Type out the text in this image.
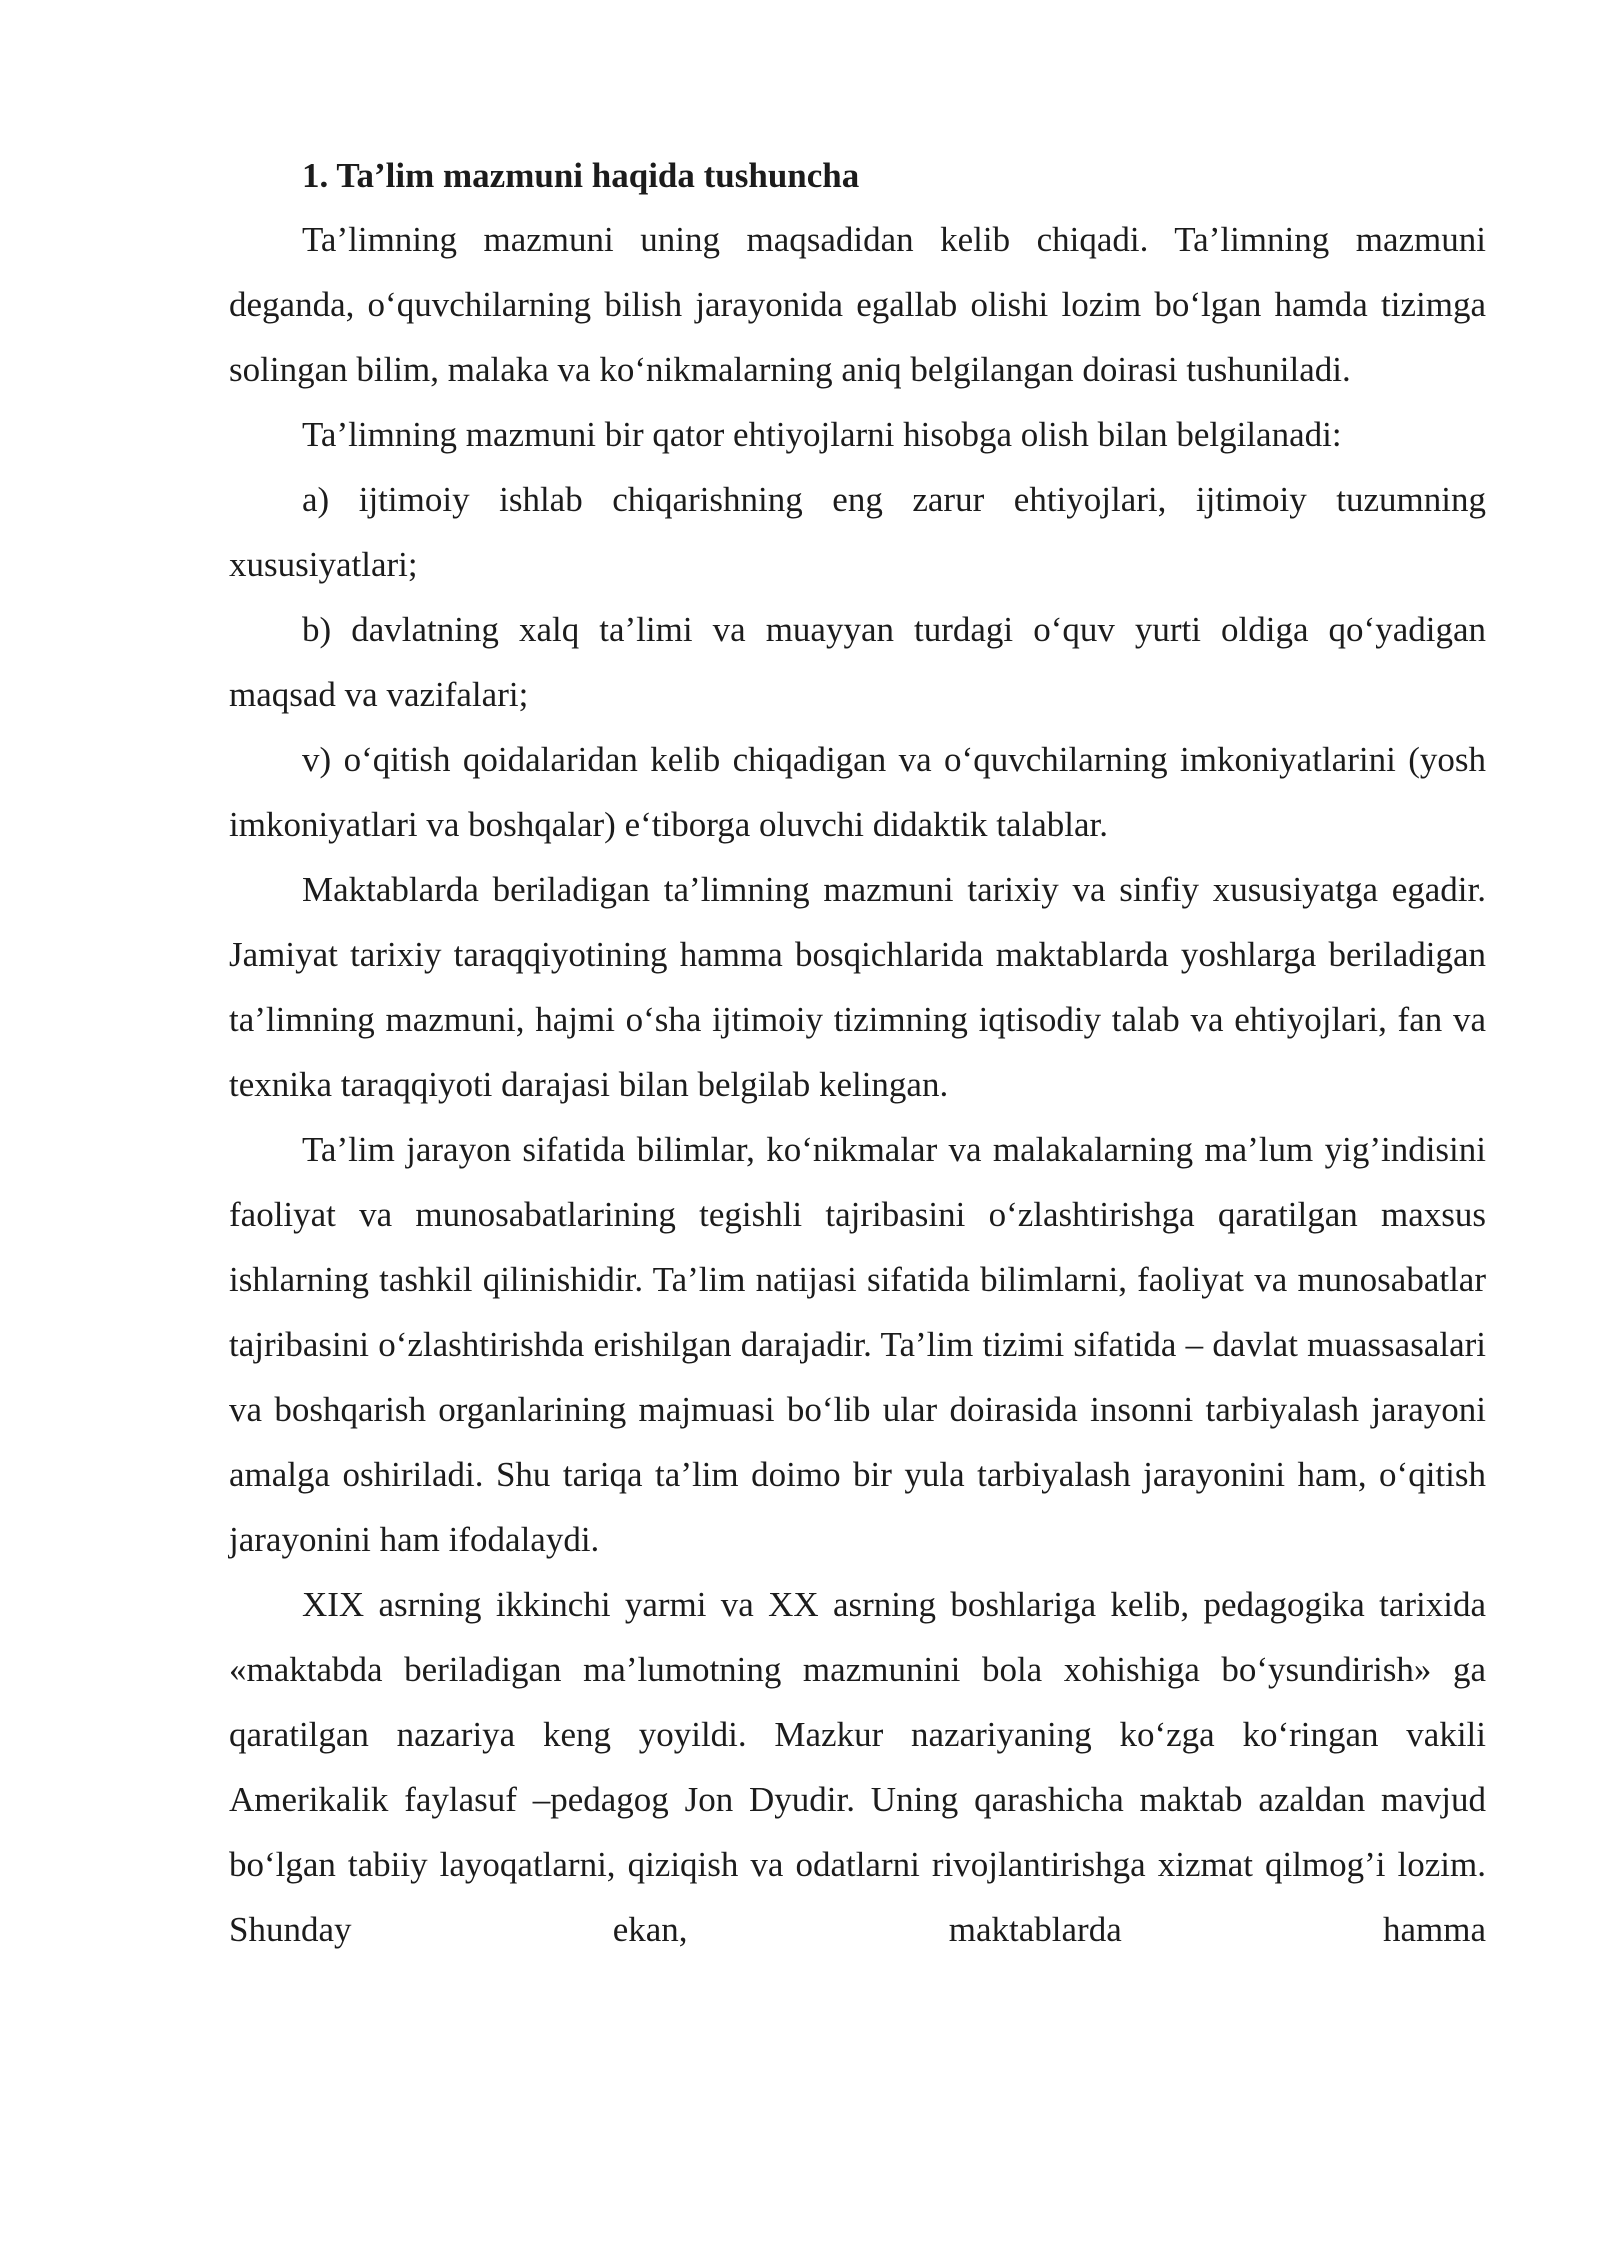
1. Ta’lim mazmuni haqida tushuncha

Ta’limning mazmuni uning maqsadidan kelib chiqadi. Ta’limning mazmuni deganda, o‘quvchilarning bilish jarayonida egallab olishi lozim bo‘lgan hamda tizimga solingan bilim, malaka va ko‘nikmalarning aniq belgilangan doirasi tushuniladi.

Ta’limning mazmuni bir qator ehtiyojlarni hisobga olish bilan belgilanadi:

a) ijtimoiy ishlab chiqarishning eng zarur ehtiyojlari, ijtimoiy tuzumning xususiyatlari;

b) davlatning xalq ta’limi va muayyan turdagi o‘quv yurti oldiga qo‘yadigan maqsad va vazifalari;

v) o‘qitish qoidalaridan kelib chiqadigan va o‘quvchilarning imkoniyatlarini (yosh imkoniyatlari va boshqalar) e‘tiborga oluvchi didaktik talablar.

Maktablarda beriladigan ta’limning mazmuni tarixiy va sinfiy xususiyatga egadir. Jamiyat tarixiy taraqqiyotining hamma bosqichlarida maktablarda yoshlarga beriladigan ta’limning mazmuni, hajmi o‘sha ijtimoiy tizimning iqtisodiy talab va ehtiyojlari, fan va texnika taraqqiyoti darajasi bilan belgilab kelingan.

Ta’lim jarayon sifatida bilimlar, ko‘nikmalar va malakalarning ma’lum yig’indisini faoliyat va munosabatlarining tegishli tajribasini o‘zlashtirishga qaratilgan maxsus ishlarning tashkil qilinishidir. Ta’lim natijasi sifatida bilimlarni, faoliyat va munosabatlar tajribasini o‘zlashtirishda erishilgan darajadir. Ta’lim tizimi sifatida – davlat muassasalari va boshqarish organlarining majmuasi bo‘lib ular doirasida insonni tarbiyalash jarayoni amalga oshiriladi. Shu tariqa ta’lim doimo bir yula tarbiyalash jarayonini ham, o‘qitish jarayonini ham ifodalaydi.

XIX asrning ikkinchi yarmi va XX asrning boshlariga kelib, pedagogika tarixida «maktabda beriladigan ma’lumotning mazmunini bola xohishiga bo‘ysundirish» ga qaratilgan nazariya keng yoyildi. Mazkur nazariyaning ko‘zga ko‘ringan vakili Amerikalik faylasuf –pedagog Jon Dyudir. Uning qarashicha maktab azaldan mavjud bo‘lgan tabiiy layoqatlarni, qiziqish va odatlarni rivojlantirishga xizmat qilmog’i lozim. Shunday ekan, maktablarda hamma
